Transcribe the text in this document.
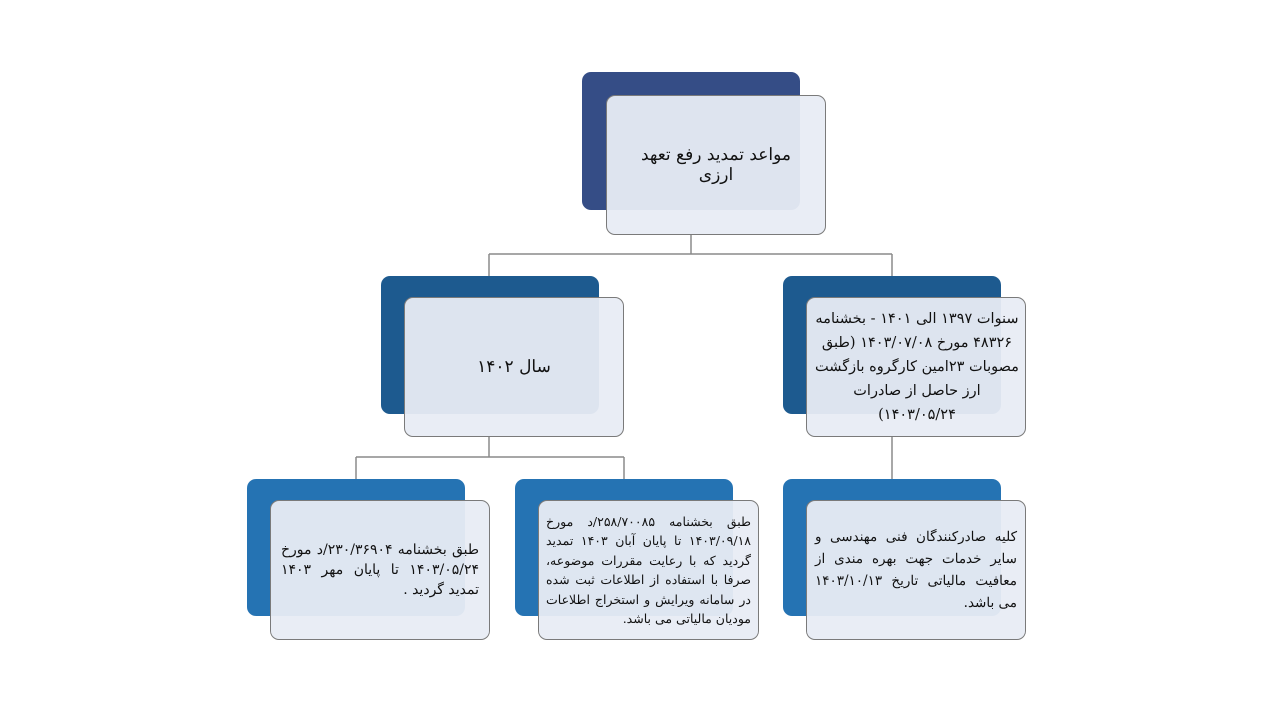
مواعد تمدید رفع تعهد ارزی

سال ۱۴۰۲

سنوات ۱۳۹۷ الی ۱۴۰۱ - بخشنامه ۴۸۳۲۶ مورخ ۱۴۰۳/۰۷/۰۸ (طبق مصوبات ۲۳امین کارگروه بازگشت ارز حاصل از صادرات ۱۴۰۳/۰۵/۲۴)

طبق بخشنامه ۲۳۰/۳۶۹۰۴/د مورخ ۱۴۰۳/۰۵/۲۴ تا پایان مهر ۱۴۰۳ تمدید گردید .

طبق بخشنامه ۲۵۸/۷۰۰۸۵/د مورخ ۱۴۰۳/۰۹/۱۸ تا پایان آبان ۱۴۰۳ تمدید گردید که با رعایت مقررات موضوعه، صرفا با استفاده از اطلاعات ثبت شده در سامانه ویرایش و استخراج اطلاعات مودیان مالیاتی می باشد.

کلیه صادرکنندگان فنی مهندسی و سایر خدمات جهت بهره مندی از معافیت مالیاتی تاریخ ۱۴۰۳/۱۰/۱۳ می باشد.
